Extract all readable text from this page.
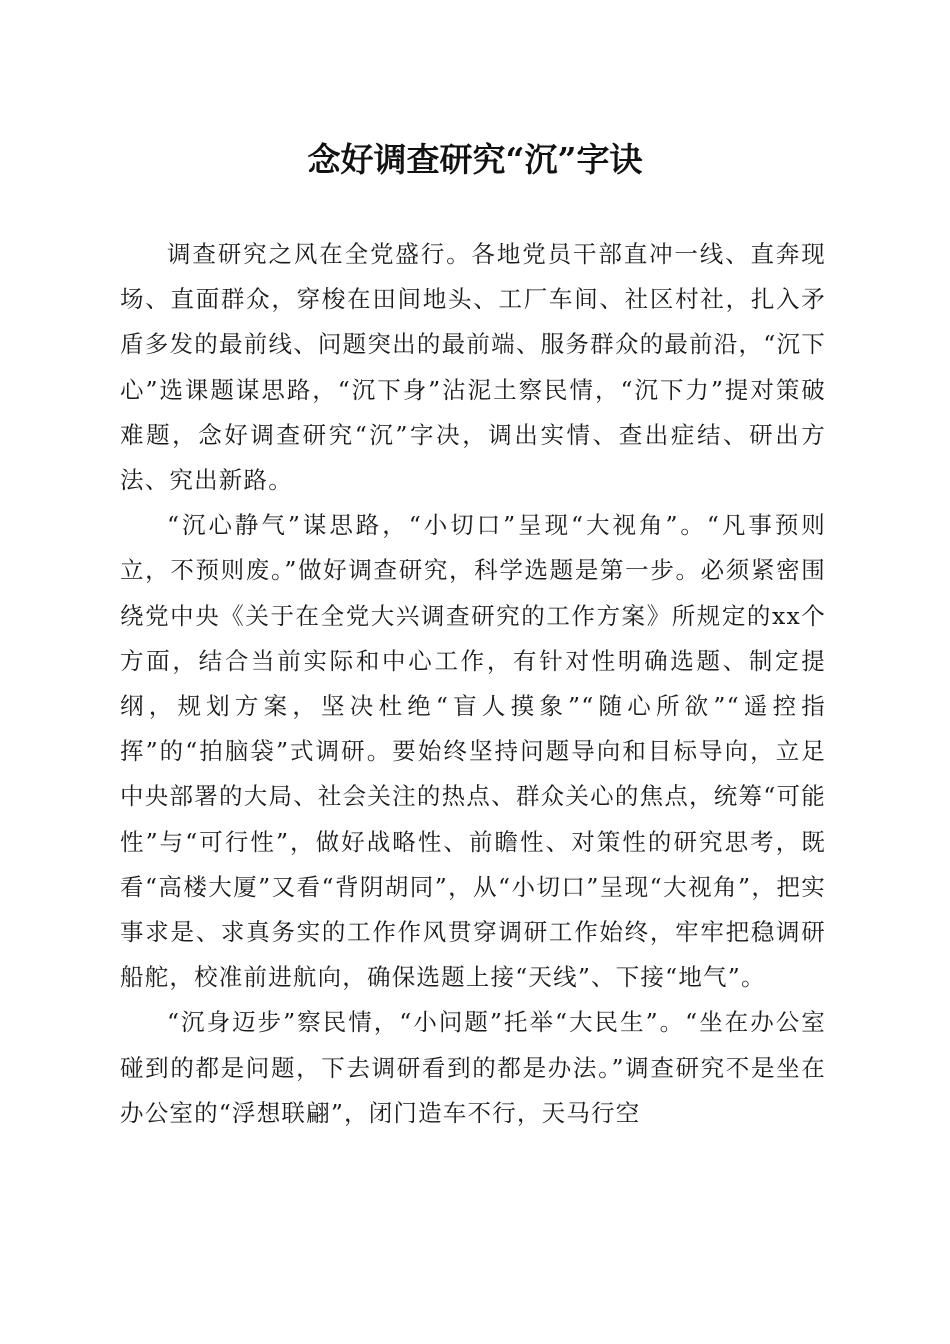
念好调查研究“沉”字诀

调查研究之风在全党盛行。各地党员干部直冲一线、直奔现场、直面群众，穿梭在田间地头、工厂车间、社区村社，扎入矛盾多发的最前线、问题突出的最前端、服务群众的最前沿，“沉下心”选课题谋思路，“沉下身”沾泥土察民情，“沉下力”提对策破难题，念好调查研究“沉”字决，调出实情、查出症结、研出方法、究出新路。

“沉心静气”谋思路，“小切口”呈现“大视角”。“凡事预则立，不预则废。”做好调查研究，科学选题是第一步。必须紧密围绕党中央《关于在全党大兴调查研究的工作方案》所规定的xx个方面，结合当前实际和中心工作，有针对性明确选题、制定提纲，规划方案，坚决杜绝“盲人摸象”“随心所欲”“遥控指挥”的“拍脑袋”式调研。要始终坚持问题导向和目标导向，立足中央部署的大局、社会关注的热点、群众关心的焦点，统筹“可能性”与“可行性”，做好战略性、前瞻性、对策性的研究思考，既看“高楼大厦”又看“背阴胡同”，从“小切口”呈现“大视角”，把实事求是、求真务实的工作作风贯穿调研工作始终，牢牢把稳调研船舵，校准前进航向，确保选题上接“天线”、下接“地气”。

“沉身迈步”察民情，“小问题”托举“大民生”。“坐在办公室碰到的都是问题，下去调研看到的都是办法。”调查研究不是坐在办公室的“浮想联翩”，闭门造车不行，天马行空
